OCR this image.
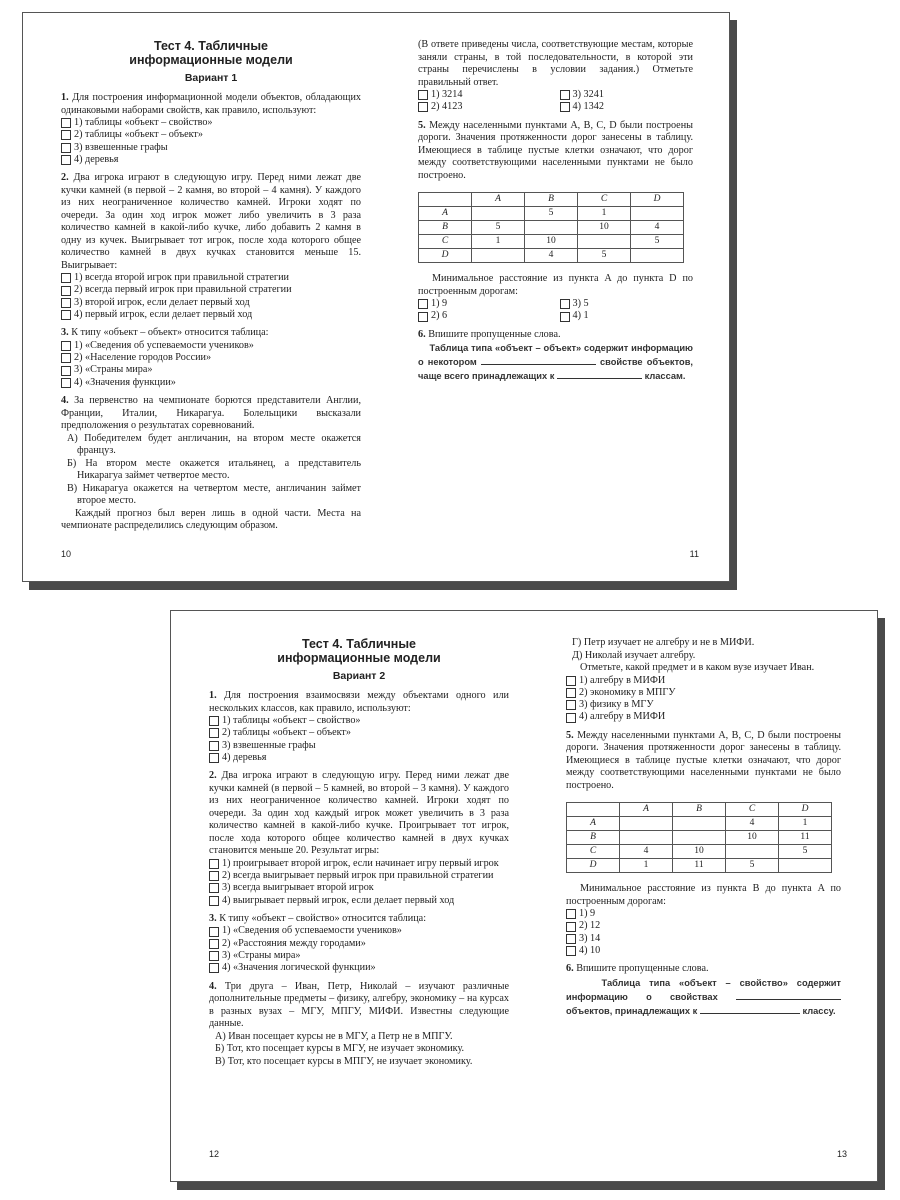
Тест 4. Табличные
информационные модели
Вариант 1

1. Для построения информационной модели объектов, обладающих одинаковыми наборами свойств, как правило, используют:

1) таблицы «объект – свойство»
2) таблицы «объект – объект»
3) взвешенные графы
4) деревья

2. Два игрока играют в следующую игру. Перед ними лежат две кучки камней (в первой – 2 камня, во второй – 4 камня). У каждого из них неограниченное количество камней. Игроки ходят по очереди. За один ход игрок может либо увеличить в 3 раза количество камней в какой-либо кучке, либо добавить 2 камня в одну из кучек. Выигрывает тот игрок, после хода которого общее количество камней в двух кучках становится меньше 15. Выигрывает:

1) всегда второй игрок при правильной стратегии
2) всегда первый игрок при правильной стратегии
3) второй игрок, если делает первый ход
4) первый игрок, если делает первый ход

3. К типу «объект – объект» относится таблица:

1) «Сведения об успеваемости учеников»
2) «Население городов России»
3) «Страны мира»
4) «Значения функции»

4. За первенство на чемпионате борются представители Англии, Франции, Италии, Никарагуа. Болельщики высказали предположения о результатах соревнований.

А) Победителем будет англичанин, на втором месте окажется француз.
Б) На втором месте окажется итальянец, а представитель Никарагуа займет четвертое место.
В) Никарагуа окажется на четвертом месте, англичанин займет второе место.

Каждый прогноз был верен лишь в одной части. Места на чемпионате распределились следующим образом.

(В ответе приведены числа, соответствующие местам, которые заняли страны, в той последовательности, в которой эти страны перечислены в условии задания.) Отметьте правильный ответ.

1) 3214	3) 3241
2) 4123	4) 1342

5. Между населенными пунктами A, B, C, D были построены дороги. Значения протяженности дорог занесены в таблицу. Имеющиеся в таблице пустые клетки означают, что дорог между соответствующими населенными пунктами не было построено.

	A	B	C	D
A		5	1	
B	5		10	4
C	1	10		5
D		4	5	

Минимальное расстояние из пункта A до пункта D по построенным дорогам:

1) 9	3) 5
2) 6	4) 1

6. Впишите пропущенные слова.

Таблица типа «объект – объект» содержит информацию о некотором	свойстве объектов, чаще всего принадлежащих к	классам.
10	11
Тест 4. Табличные
информационные модели
Вариант 2

1. Для построения взаимосвязи между объектами одного или нескольких классов, как правило, используют:

1) таблицы «объект – свойство»
2) таблицы «объект – объект»
3) взвешенные графы
4) деревья

2. Два игрока играют в следующую игру. Перед ними лежат две кучки камней (в первой – 5 камней, во второй – 3 камня). У каждого из них неограниченное количество камней. Игроки ходят по очереди. За один ход каждый игрок может увеличить в 3 раза количество камней в какой-либо кучке. Проигрывает тот игрок, после хода которого общее количество камней в двух кучках становится меньше 20. Результат игры:

1) проигрывает второй игрок, если начинает игру первый игрок
2) всегда выигрывает первый игрок при правильной стратегии
3) всегда выигрывает второй игрок
4) выигрывает первый игрок, если делает первый ход

3. К типу «объект – свойство» относится таблица:

1) «Сведения об успеваемости учеников»
2) «Расстояния между городами»
3) «Страны мира»
4) «Значения логической функции»

4. Три друга – Иван, Петр, Николай – изучают различные дополнительные предметы – физику, алгебру, экономику – на курсах в разных вузах – МГУ, МПГУ, МИФИ. Известны следующие данные.

А) Иван посещает курсы не в МГУ, а Петр не в МПГУ.
Б) Тот, кто посещает курсы в МГУ, не изучает экономику.
В) Тот, кто посещает курсы в МПГУ, не изучает экономику.
Г) Петр изучает не алгебру и не в МИФИ.
Д) Николай изучает алгебру.

Отметьте, какой предмет и в каком вузе изучает Иван.

1) алгебру в МИФИ
2) экономику в МПГУ
3) физику в МГУ
4) алгебру в МИФИ

5. Между населенными пунктами A, B, C, D были построены дороги. Значения протяженности дорог занесены в таблицу. Имеющиеся в таблице пустые клетки означают, что дорог между соответствующими населенными пунктами не было построено.

	A	B	C	D
A			4	1
B			10	11
C	4	10		5
D	1	11	5	

Минимальное расстояние из пункта B до пункта A по построенным дорогам:

1) 9
2) 12
3) 14
4) 10

6. Впишите пропущенные слова.

Таблица типа «объект – свойство» содержит информацию о свойствах  объектов, принадлежащих к	классу.
12	13
